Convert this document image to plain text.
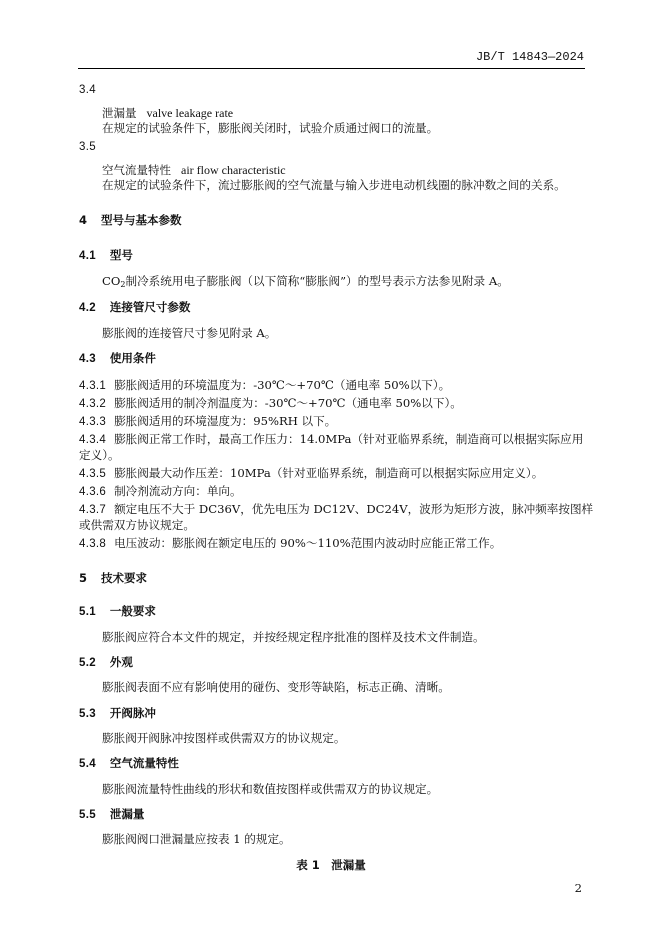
JB/T 14843—2024
3.4
泄漏量 valve leakage rate
在规定的试验条件下，膨胀阀关闭时，试验介质通过阀口的流量。
3.5
空气流量特性 air flow characteristic
在规定的试验条件下，流过膨胀阀的空气流量与输入步进电动机线圈的脉冲数之间的关系。
4 型号与基本参数
4.1 型号
$CO_2$制冷系统用电子膨胀阀（以下简称“膨胀阀”）的型号表示方法参见附录 A。
4.2 连接管尺寸参数
膨胀阀的连接管尺寸参见附录 A。
4.3 使用条件
4.3.1 膨胀阀适用的环境温度为：-30℃～+70℃（通电率 50%以下）。
4.3.2 膨胀阀适用的制冷剂温度为：-30℃～+70℃（通电率 50%以下）。
4.3.3 膨胀阀适用的环境湿度为：95%RH 以下。
4.3.4 膨胀阀正常工作时，最高工作压力：14.0MPa（针对亚临界系统，制造商可以根据实际应用
定义）。
4.3.5 膨胀阀最大动作压差：10MPa（针对亚临界系统，制造商可以根据实际应用定义）。
4.3.6 制冷剂流动方向：单向。
4.3.7 额定电压不大于 DC36V，优先电压为 DC12V、DC24V，波形为矩形方波，脉冲频率按图样
或供需双方协议规定。
4.3.8 电压波动：膨胀阀在额定电压的 90%～110%范围内波动时应能正常工作。
5 技术要求
5.1 一般要求
膨胀阀应符合本文件的规定，并按经规定程序批准的图样及技术文件制造。
5.2 外观
膨胀阀表面不应有影响使用的碰伤、变形等缺陷，标志正确、清晰。
5.3 开阀脉冲
膨胀阀开阀脉冲按图样或供需双方的协议规定。
5.4 空气流量特性
膨胀阀流量特性曲线的形状和数值按图样或供需双方的协议规定。
5.5 泄漏量
膨胀阀阀口泄漏量应按表 1 的规定。
表 1　泄漏量
2
